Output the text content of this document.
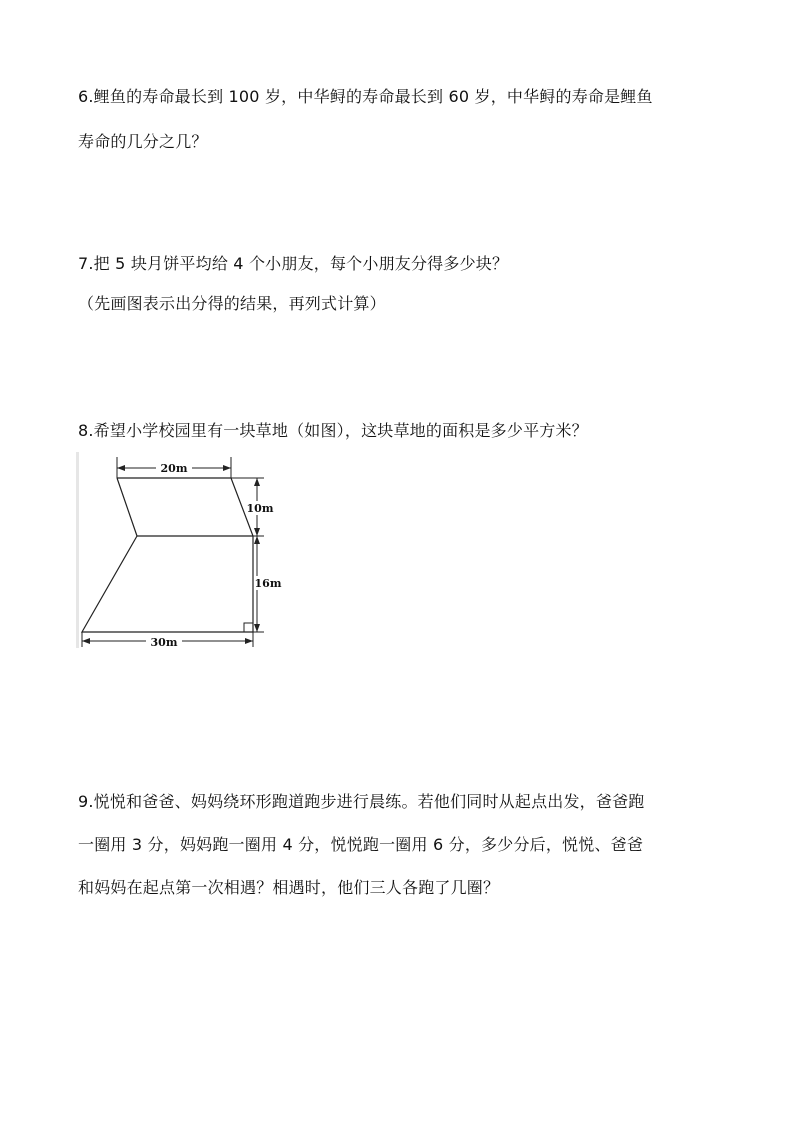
6.鲤鱼的寿命最长到 100 岁，中华鲟的寿命最长到 60 岁，中华鲟的寿命是鲤鱼
寿命的几分之几？
7.把 5 块月饼平均给 4 个小朋友，每个小朋友分得多少块？
（先画图表示出分得的结果，再列式计算）
8.希望小学校园里有一块草地（如图），这块草地的面积是多少平方米？
20m
10m
16m
30m
9.悦悦和爸爸、妈妈绕环形跑道跑步进行晨练。若他们同时从起点出发，爸爸跑
一圈用 3 分，妈妈跑一圈用 4 分，悦悦跑一圈用 6 分，多少分后，悦悦、爸爸
和妈妈在起点第一次相遇？相遇时，他们三人各跑了几圈？
